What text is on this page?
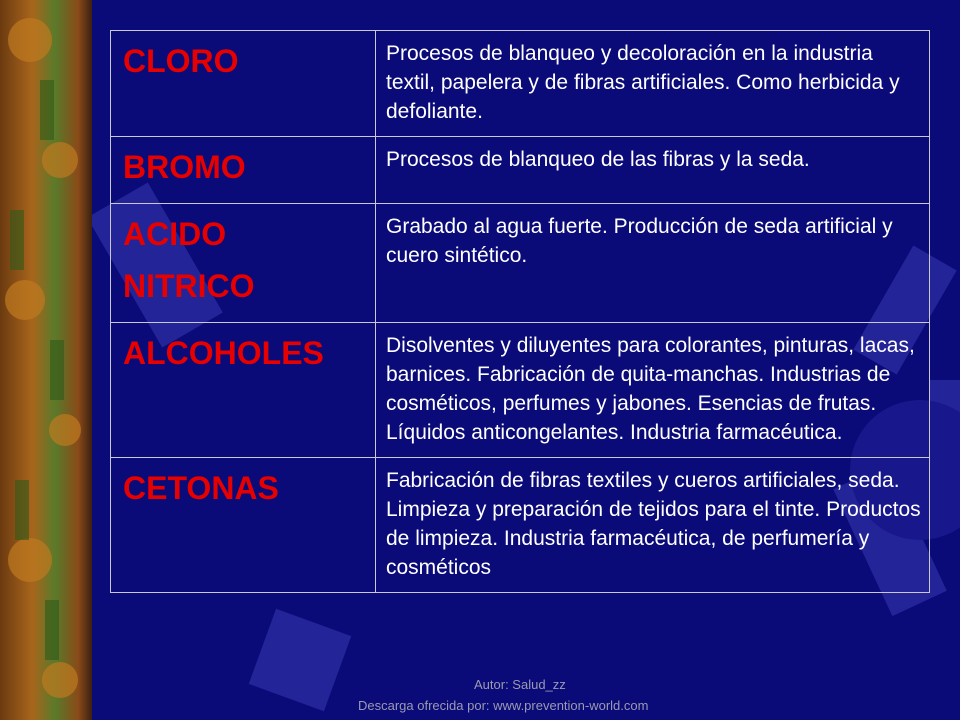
CLORO	Procesos de blanqueo y decoloración en la industria textil, papelera y de fibras artificiales. Como herbicida y defoliante.

BROMO	Procesos de blanqueo de las fibras y la seda.

ACIDO
NITRICO	Grabado al agua fuerte. Producción de seda artificial y cuero sintético.

ALCOHOLES	Disolventes y diluyentes para colorantes, pinturas, lacas, barnices. Fabricación de quita-manchas. Industrias de cosméticos, perfumes y jabones. Esencias de frutas. Líquidos anticongelantes. Industria farmacéutica.

CETONAS	Fabricación de fibras textiles y cueros artificiales, seda. Limpieza y preparación de tejidos para el tinte. Productos de limpieza. Industria farmacéutica, de perfumería y cosméticos
Autor: Salud_zz
Descarga ofrecida por: www.prevention-world.com
